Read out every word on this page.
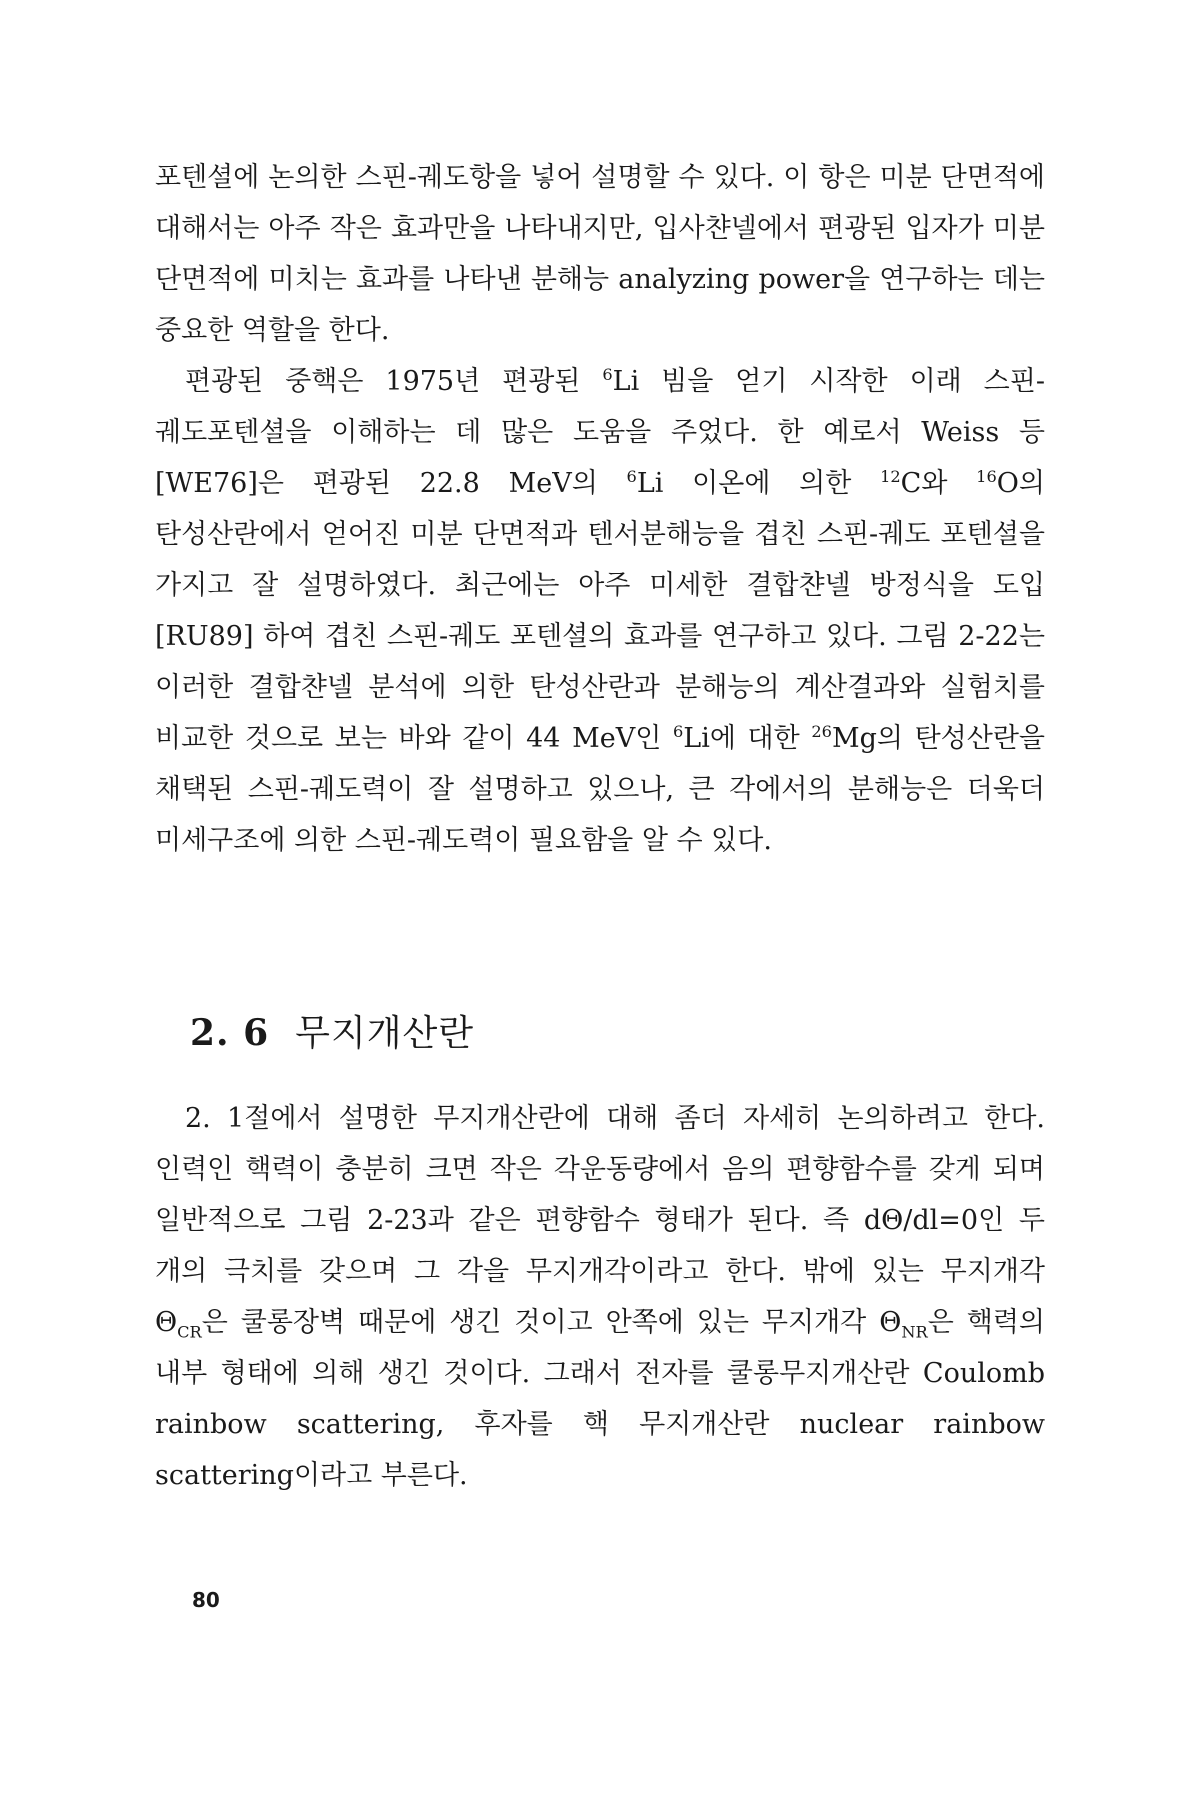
포텐셜에 논의한 스핀-궤도항을 넣어 설명할 수 있다. 이 항은 미분 단면적에 대해서는 아주 작은 효과만을 나타내지만, 입사챤넬에서 편광된 입자가 미분 단면적에 미치는 효과를 나타낸 분해능 analyzing power을 연구하는 데는 중요한 역할을 한다.

편광된 중핵은 1975년 편광된 $^6$Li 빔을 얻기 시작한 이래 스핀-궤도포텐셜을 이해하는 데 많은 도움을 주었다. 한 예로서 Weiss 등 [WE76]은 편광된 22.8 MeV의 $^6$Li 이온에 의한 $^{12}$C와 $^{16}$O의 탄성산란에서 얻어진 미분 단면적과 텐서분해능을 겹친 스핀-궤도 포텐셜을 가지고 잘 설명하였다. 최근에는 아주 미세한 결합챤넬 방정식을 도입 [RU89] 하여 겹친 스핀-궤도 포텐셜의 효과를 연구하고 있다. 그림 2-22는 이러한 결합챤넬 분석에 의한 탄성산란과 분해능의 계산결과와 실험치를 비교한 것으로 보는 바와 같이 44 MeV인 $^6$Li에 대한 $^{26}$Mg의 탄성산란을 채택된 스핀-궤도력이 잘 설명하고 있으나, 큰 각에서의 분해능은 더욱더 미세구조에 의한 스핀-궤도력이 필요함을 알 수 있다.

2. 6 무지개산란

2. 1절에서 설명한 무지개산란에 대해 좀더 자세히 논의하려고 한다. 인력인 핵력이 충분히 크면 작은 각운동량에서 음의 편향함수를 갖게 되며 일반적으로 그림 2-23과 같은 편향함수 형태가 된다. 즉 dΘ/dl=0인 두 개의 극치를 갖으며 그 각을 무지개각이라고 한다. 밖에 있는 무지개각 $\Theta_{CR}$은 쿨롱장벽 때문에 생긴 것이고 안쪽에 있는 무지개각 $\Theta_{NR}$은 핵력의 내부 형태에 의해 생긴 것이다. 그래서 전자를 쿨롱무지개산란 Coulomb rainbow scattering, 후자를 핵 무지개산란 nuclear rainbow scattering이라고 부른다.

80
